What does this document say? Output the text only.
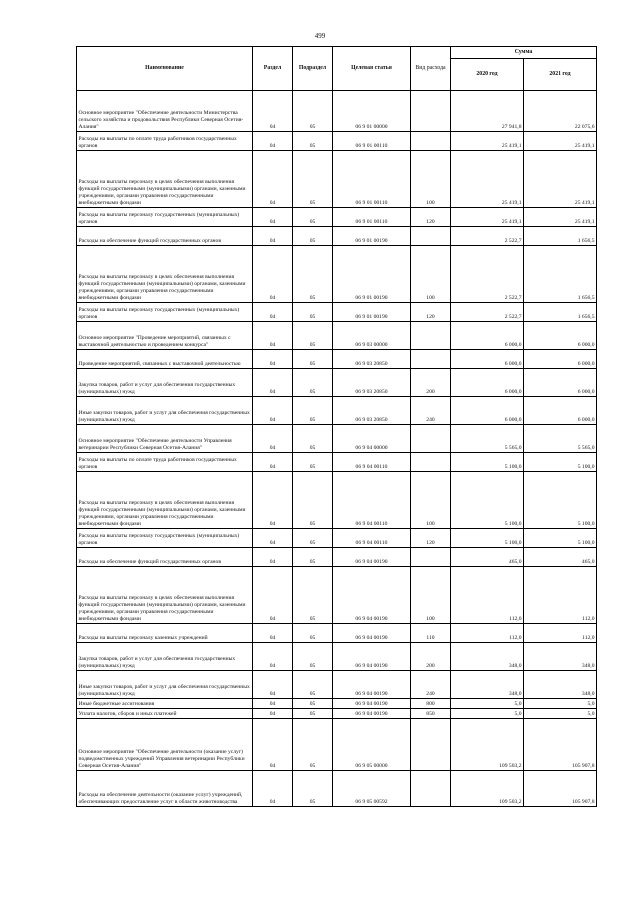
499
Наименование	Раздел	Подраздел	Целевая статья	Вид расхода	Сумма	
					2020 год	2021 год
Основное мероприятие "Обеспечение деятельности Министерства сельского хозяйства и продовольствия Республики Северная Осетия-Алания"	04	05	06 9 01 00000		27 941,8	22 075,6
Расходы на выплаты по оплате труда работников государственных органов	04	05	06 9 01 00110		25 419,1	25 419,1
Расходы на выплаты персоналу в целях обеспечения выполнения функций государственными (муниципальными) органами, казенными учреждениями, органами управления государственными внебюджетными фондами	04	05	06 9 01 00110	100	25 419,1	25 419,1
Расходы на выплаты персоналу государственных (муниципальных) органов	04	05	06 9 01 00110	120	25 419,1	25 419,1
Расходы на обеспечение функций государственных органов	04	05	06 9 01 00190		2 522,7	1 656,5
Расходы на выплаты персоналу в целях обеспечения выполнения функций государственными (муниципальными) органами, казенными учреждениями, органами управления государственными внебюджетными фондами	04	05	06 9 01 00190	100	2 522,7	1 656,5
Расходы на выплаты персоналу государственных (муниципальных) органов	04	05	06 9 01 00190	120	2 522,7	1 656,5
Основное мероприятие "Проведение мероприятий, связанных с выставочной деятельностью и проведением конкурса"	04	05	06 9 03 00000		6 000,0	6 000,0
Проведение мероприятий, связанных с выставочной деятельностью	04	05	06 9 03 20850		6 000,0	6 000,0
Закупка товаров, работ и услуг для обеспечения государственных (муниципальных) нужд	04	05	06 9 03 20850	200	6 000,0	6 000,0
Иные закупки товаров, работ и услуг для обеспечения государственных (муниципальных) нужд	04	05	06 9 03 20850	240	6 000,0	6 000,0
Основное мероприятие "Обеспечение деятельности Управления ветеринарии Республики Северная Осетия-Алания"	04	05	06 9 04 00000		5 565,0	5 565,0
Расходы на выплаты по оплате труда работников государственных органов	04	05	06 9 04 00110		5 100,0	5 100,0
Расходы на выплаты персоналу в целях обеспечения выполнения функций государственными (муниципальными) органами, казенными учреждениями, органами управления государственными внебюджетными фондами	04	05	06 9 04 00110	100	5 100,0	5 100,0
Расходы на выплаты персоналу государственных (муниципальных) органов	04	05	06 9 04 00110	120	5 100,0	5 100,0
Расходы на обеспечение функций государственных органов	04	05	06 9 04 00190		465,0	465,0
Расходы на выплаты персоналу в целях обеспечения выполнения функций государственными (муниципальными) органами, казенными учреждениями, органами управления государственными внебюджетными фондами	04	05	06 9 04 00190	100	112,0	112,0
Расходы на выплаты персоналу казенных учреждений	04	05	06 9 04 00190	110	112,0	112,0
Закупка товаров, работ и услуг для обеспечения государственных (муниципальных) нужд	04	05	06 9 04 00190	200	348,0	348,0
Иные закупки товаров, работ и услуг для обеспечения государственных (муниципальных) нужд	04	05	06 9 04 00190	240	348,0	348,0
Иные бюджетные ассигнования	04	05	06 9 04 00190	800	5,0	5,0
Уплата налогов, сборов и иных платежей	04	05	06 9 04 00190	850	5,0	5,0
Основное мероприятие "Обеспечение деятельности (оказание услуг) подведомственных учреждений Управления ветеринарии Республики Северная Осетия-Алания"	04	05	06 9 05 00000		109 503,2	105 907,8
Расходы на обеспечение деятельности (оказание услуг) учреждений, обеспечивающих предоставление услуг в области животноводства	04	05	06 9 05 00592		109 503,2	105 907,8
